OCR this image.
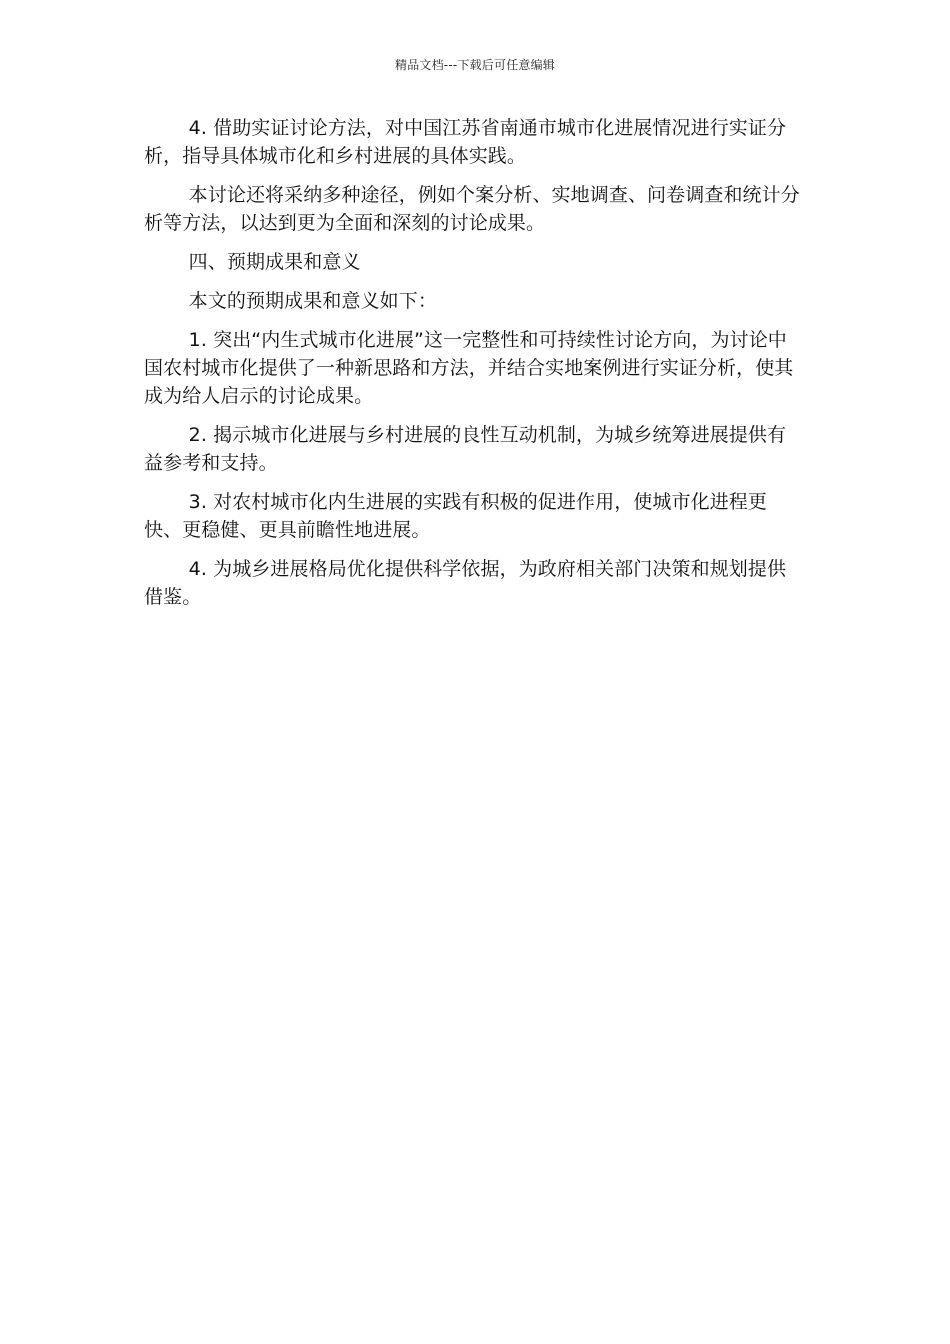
精品文档---下载后可任意编辑

4. 借助实证讨论方法，对中国江苏省南通市城市化进展情况进行实证分析，指导具体城市化和乡村进展的具体实践。

本讨论还将采纳多种途径，例如个案分析、实地调查、问卷调查和统计分析等方法，以达到更为全面和深刻的讨论成果。

四、预期成果和意义

本文的预期成果和意义如下：

1. 突出“内生式城市化进展”这一完整性和可持续性讨论方向，为讨论中国农村城市化提供了一种新思路和方法，并结合实地案例进行实证分析，使其成为给人启示的讨论成果。

2. 揭示城市化进展与乡村进展的良性互动机制，为城乡统筹进展提供有益参考和支持。

3. 对农村城市化内生进展的实践有积极的促进作用，使城市化进程更快、更稳健、更具前瞻性地进展。

4. 为城乡进展格局优化提供科学依据，为政府相关部门决策和规划提供借鉴。
